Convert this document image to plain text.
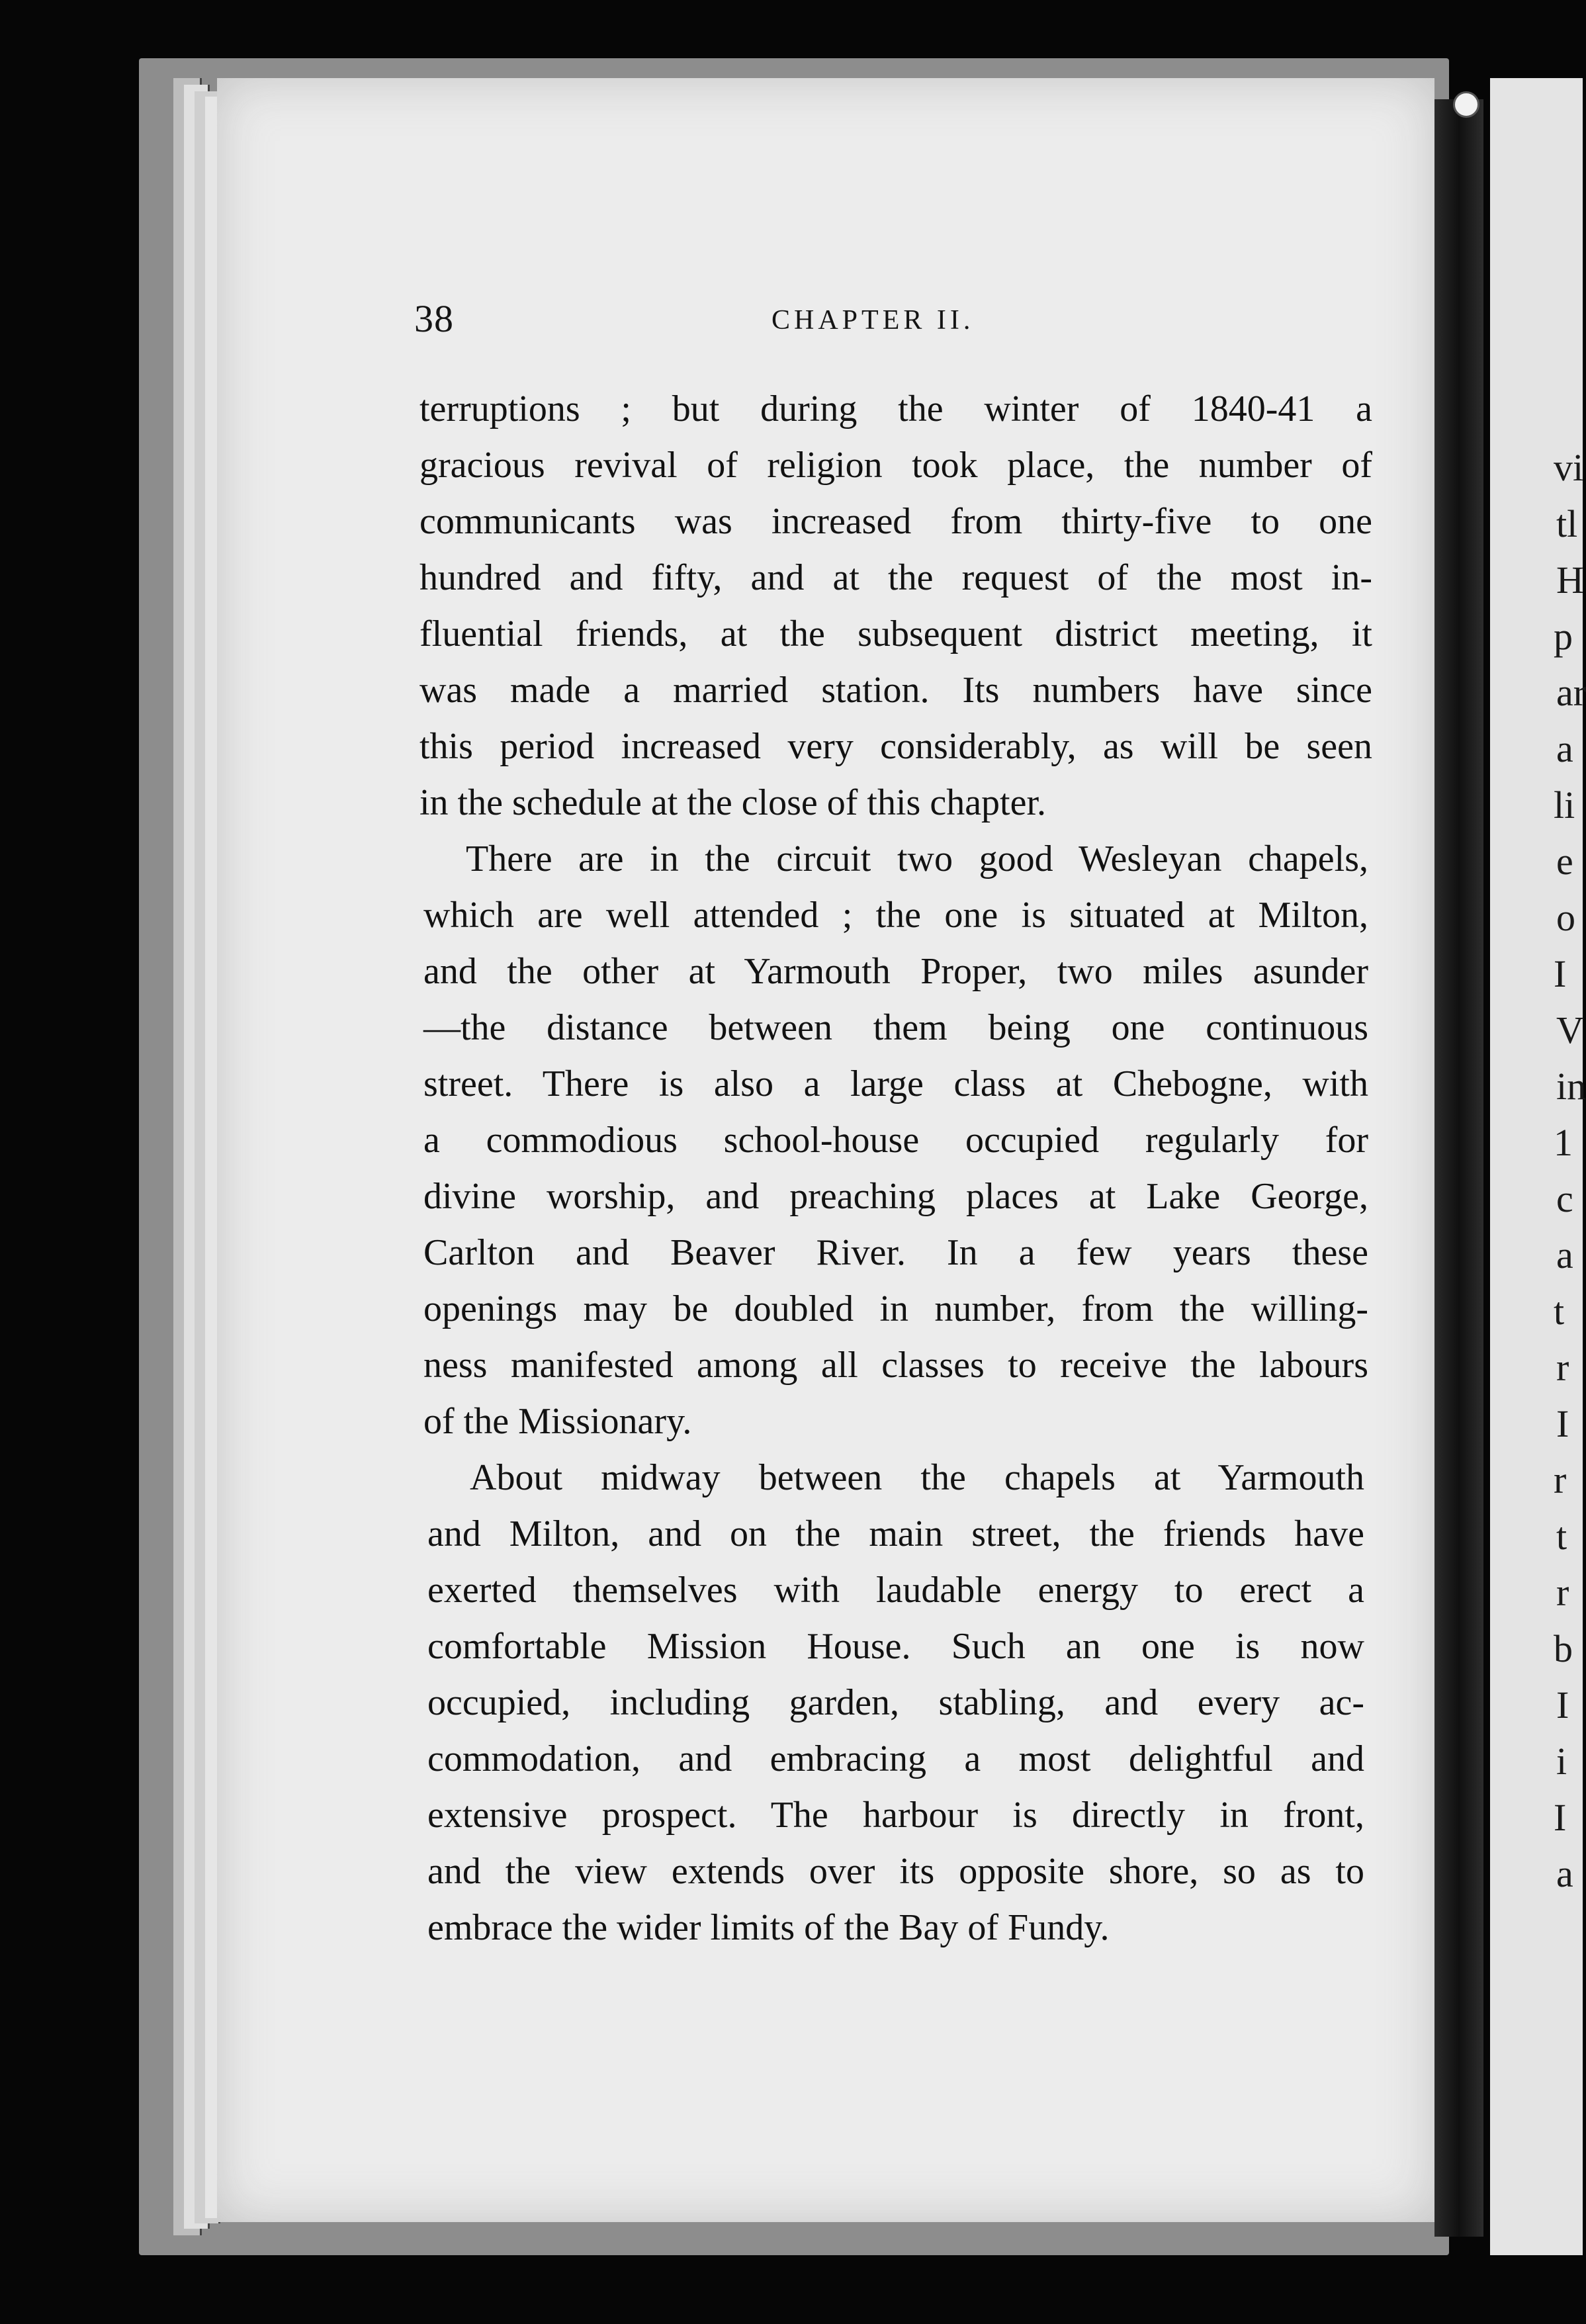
vi
tl
H
p
ar
a
li
e
o
I
V
in
1
c
a
t
r
I
r
t
r
b
I
i
I
a
38	CHAPTER II.
terruptions ; but during the winter of 1840-41 a
gracious revival of religion took place, the number of
communicants was increased from thirty-five to one
hundred and fifty, and at the request of the most in-
fluential friends, at the subsequent district meeting, it
was made a married station. Its numbers have since
this period increased very considerably, as will be seen
in the schedule at the close of this chapter.
There are in the circuit two good Wesleyan chapels,
which are well attended ; the one is situated at Milton,
and the other at Yarmouth Proper, two miles asunder
—the distance between them being one continuous
street. There is also a large class at Chebogne, with
a commodious school-house occupied regularly for
divine worship, and preaching places at Lake George,
Carlton and Beaver River. In a few years these
openings may be doubled in number, from the willing-
ness manifested among all classes to receive the labours
of the Missionary.
About midway between the chapels at Yarmouth
and Milton, and on the main street, the friends have
exerted themselves with laudable energy to erect a
comfortable Mission House. Such an one is now
occupied, including garden, stabling, and every ac-
commodation, and embracing a most delightful and
extensive prospect. The harbour is directly in front,
and the view extends over its opposite shore, so as to
embrace the wider limits of the Bay of Fundy.
